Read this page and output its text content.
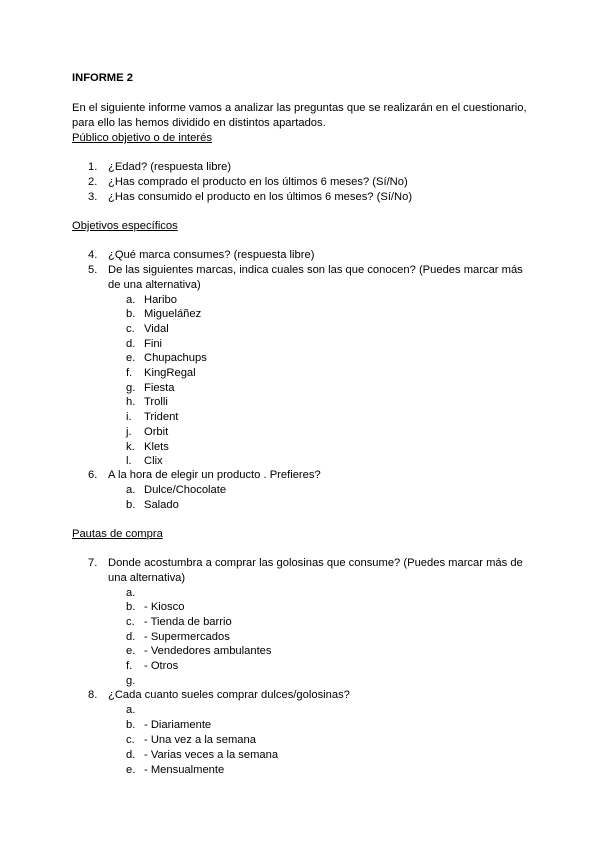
INFORME 2
En el siguiente informe vamos a analizar las preguntas que se realizarán en el cuestionario,
para ello las hemos dividido en distintos apartados.
Público objetivo o de interés
1. ¿Edad? (respuesta libre)
2. ¿Has comprado el producto en los últimos 6 meses? (Sí/No)
3. ¿Has consumido el producto en los últimos 6 meses? (Sí/No)
Objetivos específicos
4. ¿Qué marca consumes? (respuesta libre)
5. De las siguientes marcas, indica cuales son las que conocen? (Puedes marcar más
de una alternativa)
a. Haribo
b. Migueláñez
c. Vidal
d. Fini
e. Chupachups
f. KingRegal
g. Fiesta
h. Trolli
i. Trident
j. Orbit
k. Klets
l. Clix
6. A la hora de elegir un producto . Prefieres?
a. Dulce/Chocolate
b. Salado
Pautas de compra
7. Donde acostumbra a comprar las golosinas que consume? (Puedes marcar más de
una alternativa)
a.
b. - Kiosco
c. - Tienda de barrio
d. - Supermercados
e. - Vendedores ambulantes
f. - Otros
g.
8. ¿Cada cuanto sueles comprar dulces/golosinas?
a.
b. - Diariamente
c. - Una vez a la semana
d. - Varias veces a la semana
e. - Mensualmente
